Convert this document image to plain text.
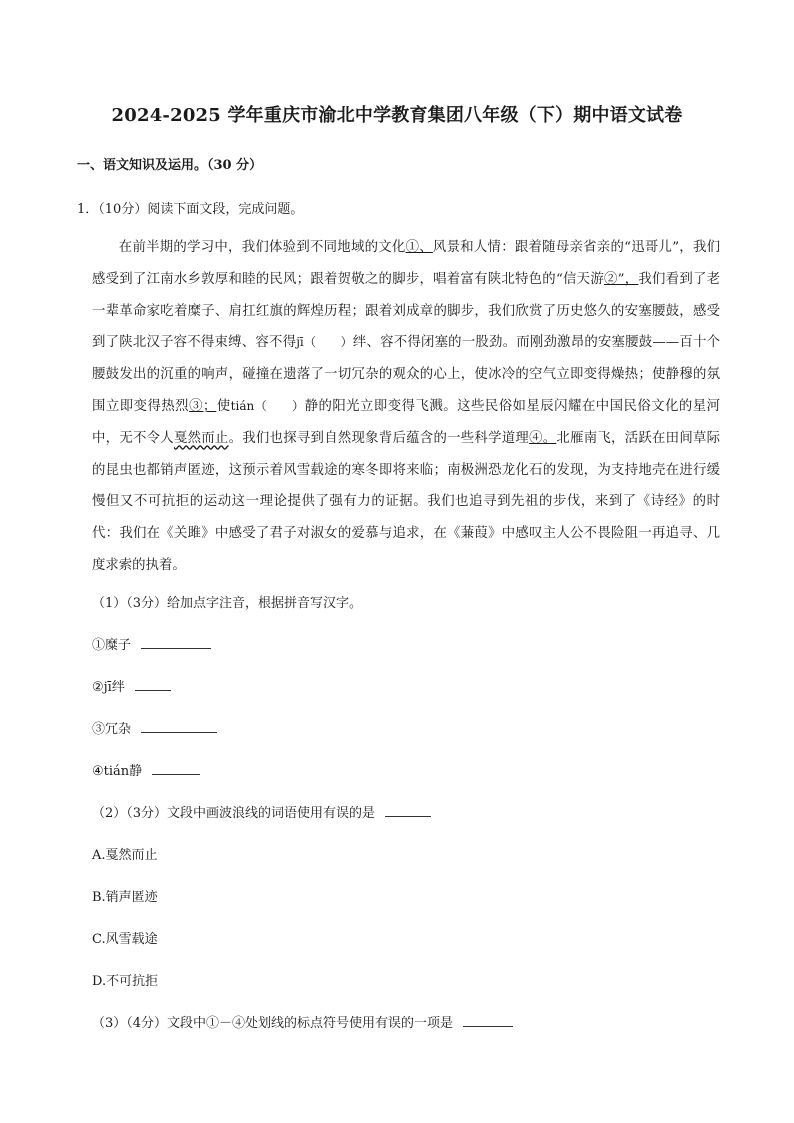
2024-2025 学年重庆市渝北中学教育集团八年级（下）期中语文试卷
一、语文知识及运用。（30 分）
1．（10分）阅读下面文段，完成问题。

在前半期的学习中，我们体验到不同地域的文化①、风景和人情：跟着随母亲省亲的“迅哥儿”，我们感受到了江南水乡敦厚和睦的民风；跟着贺敬之的脚步，唱着富有陕北特色的“信天游②”，我们看到了老一辈革命家吃着糜子、肩扛红旗的辉煌历程；跟着刘成章的脚步，我们欣赏了历史悠久的安塞腰鼓，感受到了陕北汉子容不得束缚、容不得jī（　　）绊、容不得闭塞的一股劲。而刚劲激昂的安塞腰鼓——百十个腰鼓发出的沉重的响声，碰撞在遗落了一切冗杂的观众的心上，使冰冷的空气立即变得燥热；使静穆的氛围立即变得热烈③；使tián（　　）静的阳光立即变得飞溅。这些民俗如星辰闪耀在中国民俗文化的星河中，无不令人戛然而止。我们也探寻到自然现象背后蕴含的一些科学道理④。北雁南飞，活跃在田间草际的昆虫也都销声匿迹，这预示着风雪载途的寒冬即将来临；南极洲恐龙化石的发现，为支持地壳在进行缓慢但又不可抗拒的运动这一理论提供了强有力的证据。我们也追寻到先祖的步伐，来到了《诗经》的时代：我们在《关雎》中感受了君子对淑女的爱慕与追求，在《蒹葭》中感叹主人公不畏险阻一再追寻、几度求索的执着。

（1）（3分）给加点字注音，根据拼音写汉字。
①糜子
②jī绊
③冗杂
④tián静
（2）（3分）文段中画波浪线的词语使用有误的是
A.戛然而止
B.销声匿迹
C.风雪载途
D.不可抗拒
（3）（4分）文段中①－④处划线的标点符号使用有误的一项是
